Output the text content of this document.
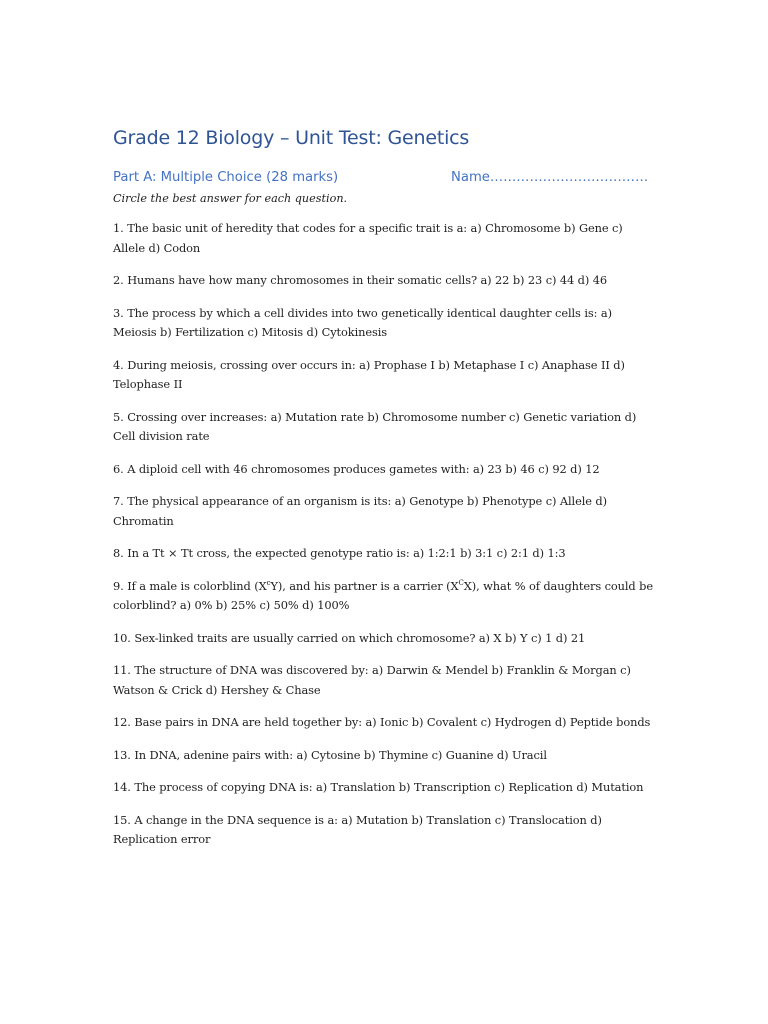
Grade 12 Biology – Unit Test: Genetics
Part A: Multiple Choice (28 marks)	Name………………………………
Circle the best answer for each question.
1. The basic unit of heredity that codes for a specific trait is a: a) Chromosome b) Gene c) Allele d) Codon
2. Humans have how many chromosomes in their somatic cells? a) 22 b) 23 c) 44 d) 46
3. The process by which a cell divides into two genetically identical daughter cells is: a) Meiosis b) Fertilization c) Mitosis d) Cytokinesis
4. During meiosis, crossing over occurs in: a) Prophase I b) Metaphase I c) Anaphase II d) Telophase II
5. Crossing over increases: a) Mutation rate b) Chromosome number c) Genetic variation d) Cell division rate
6. A diploid cell with 46 chromosomes produces gametes with: a) 23 b) 46 c) 92 d) 12
7. The physical appearance of an organism is its: a) Genotype b) Phenotype c) Allele d) Chromatin
8. In a Tt × Tt cross, the expected genotype ratio is: a) 1:2:1 b) 3:1 c) 2:1 d) 1:3
9. If a male is colorblind $(X^cY)$, and his partner is a carrier $(X^CX)$, what % of daughters could be colorblind? a) 0% b) 25% c) 50% d) 100%
10. Sex-linked traits are usually carried on which chromosome? a) X b) Y c) 1 d) 21
11. The structure of DNA was discovered by: a) Darwin & Mendel b) Franklin & Morgan c) Watson & Crick d) Hershey & Chase
12. Base pairs in DNA are held together by: a) Ionic b) Covalent c) Hydrogen d) Peptide bonds
13. In DNA, adenine pairs with: a) Cytosine b) Thymine c) Guanine d) Uracil
14. The process of copying DNA is: a) Translation b) Transcription c) Replication d) Mutation
15. A change in the DNA sequence is a: a) Mutation b) Translation c) Translocation d) Replication error
